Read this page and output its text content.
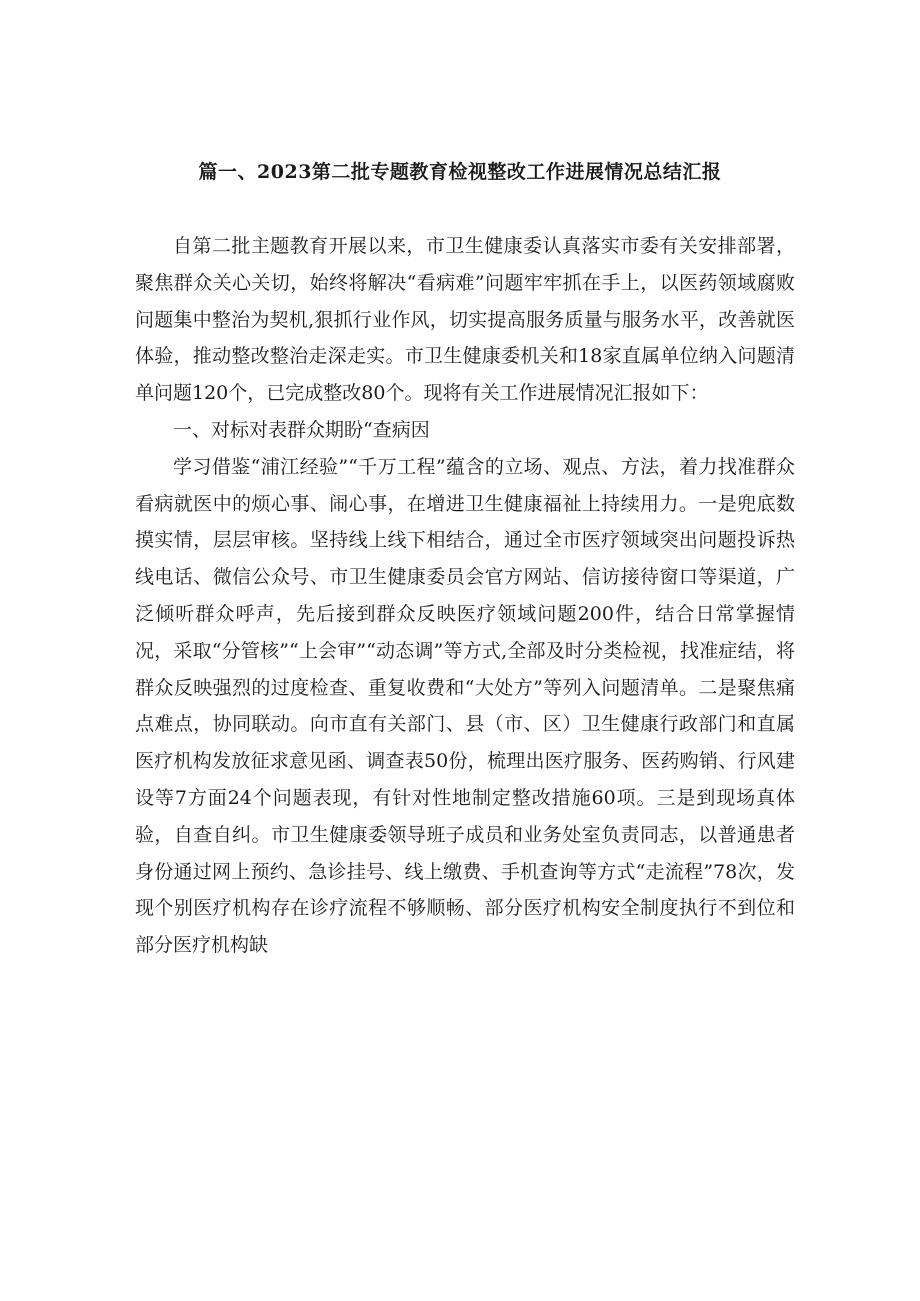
篇一、2023第二批专题教育检视整改工作进展情况总结汇报

自第二批主题教育开展以来，市卫生健康委认真落实市委有关安排部署，聚焦群众关心关切，始终将解决“看病难”问题牢牢抓在手上，以医药领域腐败问题集中整治为契机,狠抓行业作风，切实提高服务质量与服务水平，改善就医体验，推动整改整治走深走实。市卫生健康委机关和18家直属单位纳入问题清单问题120个，已完成整改80个。现将有关工作进展情况汇报如下：

一、对标对表群众期盼“查病因

学习借鉴“浦江经验”“千万工程”蕴含的立场、观点、方法，着力找准群众看病就医中的烦心事、闹心事，在增进卫生健康福祉上持续用力。一是兜底数摸实情，层层审核。坚持线上线下相结合，通过全市医疗领域突出问题投诉热线电话、微信公众号、市卫生健康委员会官方网站、信访接待窗口等渠道，广泛倾听群众呼声，先后接到群众反映医疗领域问题200件，结合日常掌握情况，采取“分管核”“上会审”“动态调”等方式,全部及时分类检视，找准症结，将群众反映强烈的过度检查、重复收费和“大处方”等列入问题清单。二是聚焦痛点难点，协同联动。向市直有关部门、县（市、区）卫生健康行政部门和直属医疗机构发放征求意见函、调查表50份，梳理出医疗服务、医药购销、行风建设等7方面24个问题表现，有针对性地制定整改措施60项。三是到现场真体验，自查自纠。市卫生健康委领导班子成员和业务处室负责同志，以普通患者身份通过网上预约、急诊挂号、线上缴费、手机查询等方式“走流程”78次，发现个别医疗机构存在诊疗流程不够顺畅、部分医疗机构安全制度执行不到位和部分医疗机构缺
